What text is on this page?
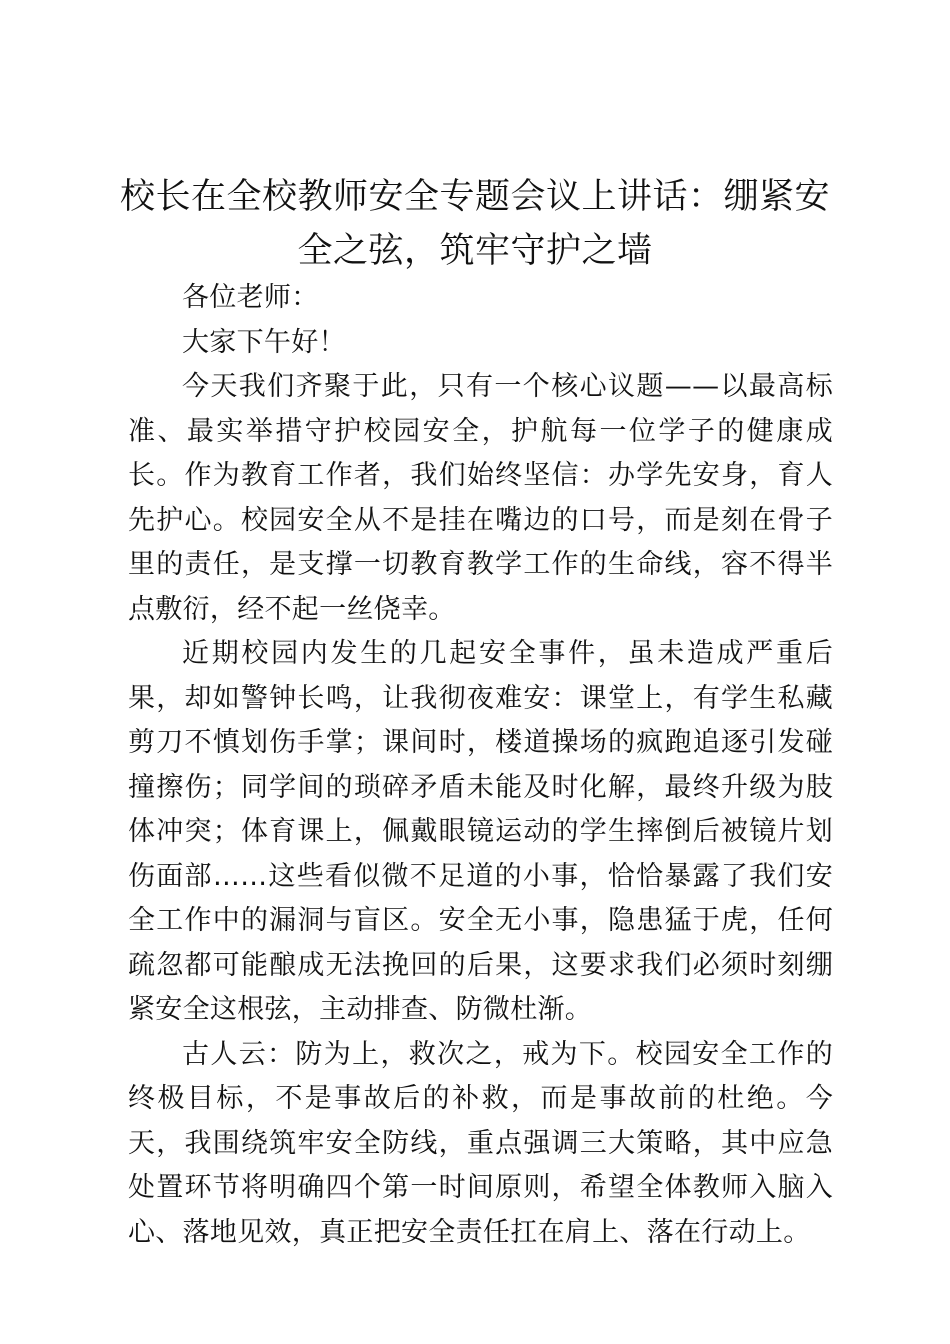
校长在全校教师安全专题会议上讲话：绷紧安全之弦，筑牢守护之墙

各位老师：

大家下午好！

今天我们齐聚于此，只有一个核心议题——以最高标准、最实举措守护校园安全，护航每一位学子的健康成长。作为教育工作者，我们始终坚信：办学先安身，育人先护心。校园安全从不是挂在嘴边的口号，而是刻在骨子里的责任，是支撑一切教育教学工作的生命线，容不得半点敷衍，经不起一丝侥幸。

近期校园内发生的几起安全事件，虽未造成严重后果，却如警钟长鸣，让我彻夜难安：课堂上，有学生私藏剪刀不慎划伤手掌；课间时，楼道操场的疯跑追逐引发碰撞擦伤；同学间的琐碎矛盾未能及时化解，最终升级为肢体冲突；体育课上，佩戴眼镜运动的学生摔倒后被镜片划伤面部……这些看似微不足道的小事，恰恰暴露了我们安全工作中的漏洞与盲区。安全无小事，隐患猛于虎，任何疏忽都可能酿成无法挽回的后果，这要求我们必须时刻绷紧安全这根弦，主动排查、防微杜渐。

古人云：防为上，救次之，戒为下。校园安全工作的终极目标，不是事故后的补救，而是事故前的杜绝。今天，我围绕筑牢安全防线，重点强调三大策略，其中应急处置环节将明确四个第一时间原则，希望全体教师入脑入心、落地见效，真正把安全责任扛在肩上、落在行动上。
